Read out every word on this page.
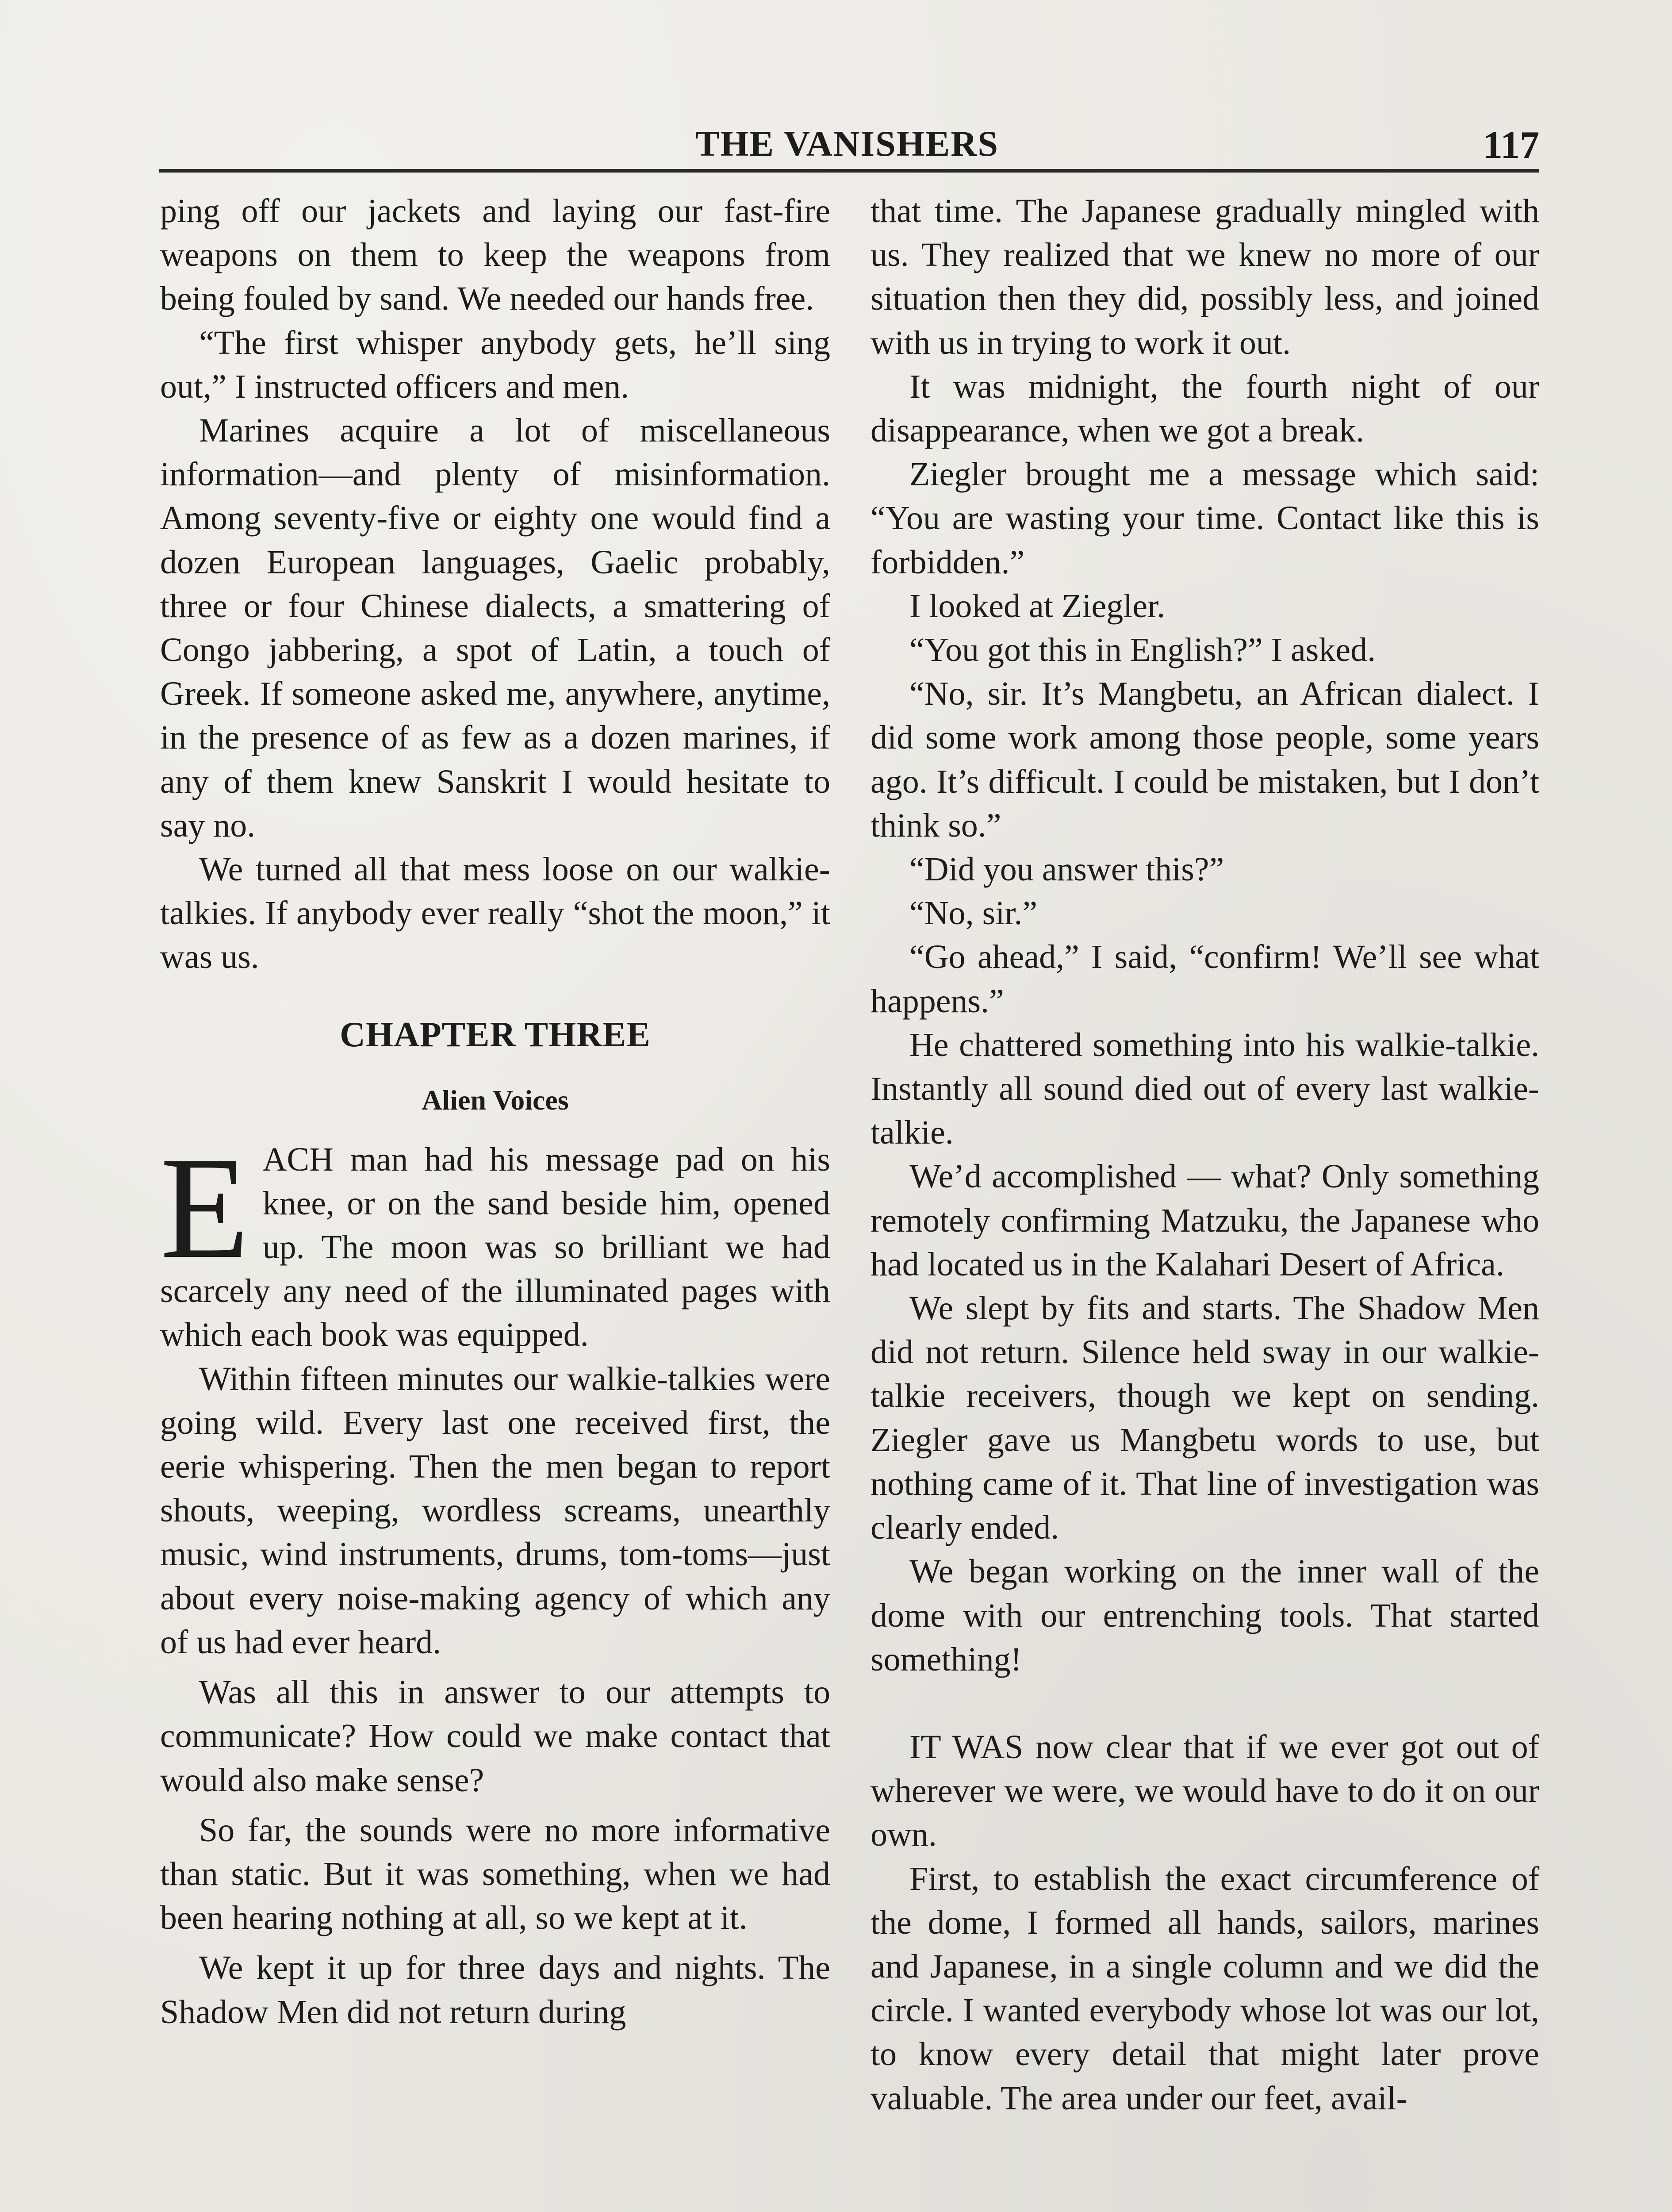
THE VANISHERS	117

ping off our jackets and laying our fast-fire weapons on them to keep the weapons from being fouled by sand. We needed our hands free.

“The first whisper anybody gets, he’ll sing out,” I instructed officers and men.

Marines acquire a lot of miscellaneous information—and plenty of misinformation. Among seventy-five or eighty one would find a dozen European languages, Gaelic probably, three or four Chinese dialects, a smattering of Congo jabbering, a spot of Latin, a touch of Greek. If someone asked me, anywhere, anytime, in the presence of as few as a dozen marines, if any of them knew Sanskrit I would hesitate to say no.

We turned all that mess loose on our walkie-talkies. If anybody ever really “shot the moon,” it was us.

CHAPTER THREE
Alien Voices

EACH man had his message pad on his knee, or on the sand beside him, opened up. The moon was so brilliant we had scarcely any need of the illuminated pages with which each book was equipped.

Within fifteen minutes our walkie-talkies were going wild. Every last one received first, the eerie whispering. Then the men began to report shouts, weeping, wordless screams, unearthly music, wind instruments, drums, tom-toms—just about every noise-making agency of which any of us had ever heard.

Was all this in answer to our attempts to communicate? How could we make contact that would also make sense?

So far, the sounds were no more informative than static. But it was something, when we had been hearing nothing at all, so we kept at it.

We kept it up for three days and nights. The Shadow Men did not return during

that time. The Japanese gradually mingled with us. They realized that we knew no more of our situation then they did, possibly less, and joined with us in trying to work it out.

It was midnight, the fourth night of our disappearance, when we got a break.

Ziegler brought me a message which said: “You are wasting your time. Contact like this is forbidden.”

I looked at Ziegler.

“You got this in English?” I asked.

“No, sir. It’s Mangbetu, an African dialect. I did some work among those people, some years ago. It’s difficult. I could be mistaken, but I don’t think so.”

“Did you answer this?”

“No, sir.”

“Go ahead,” I said, “confirm! We’ll see what happens.”

He chattered something into his walkie-talkie. Instantly all sound died out of every last walkie-talkie.

We’d accomplished — what? Only something remotely confirming Matzuku, the Japanese who had located us in the Kalahari Desert of Africa.

We slept by fits and starts. The Shadow Men did not return. Silence held sway in our walkie-talkie receivers, though we kept on sending. Ziegler gave us Mangbetu words to use, but nothing came of it. That line of investigation was clearly ended.

We began working on the inner wall of the dome with our entrenching tools. That started something!

IT WAS now clear that if we ever got out of wherever we were, we would have to do it on our own.

First, to establish the exact circumference of the dome, I formed all hands, sailors, marines and Japanese, in a single column and we did the circle. I wanted everybody whose lot was our lot, to know every detail that might later prove valuable. The area under our feet, avail-
